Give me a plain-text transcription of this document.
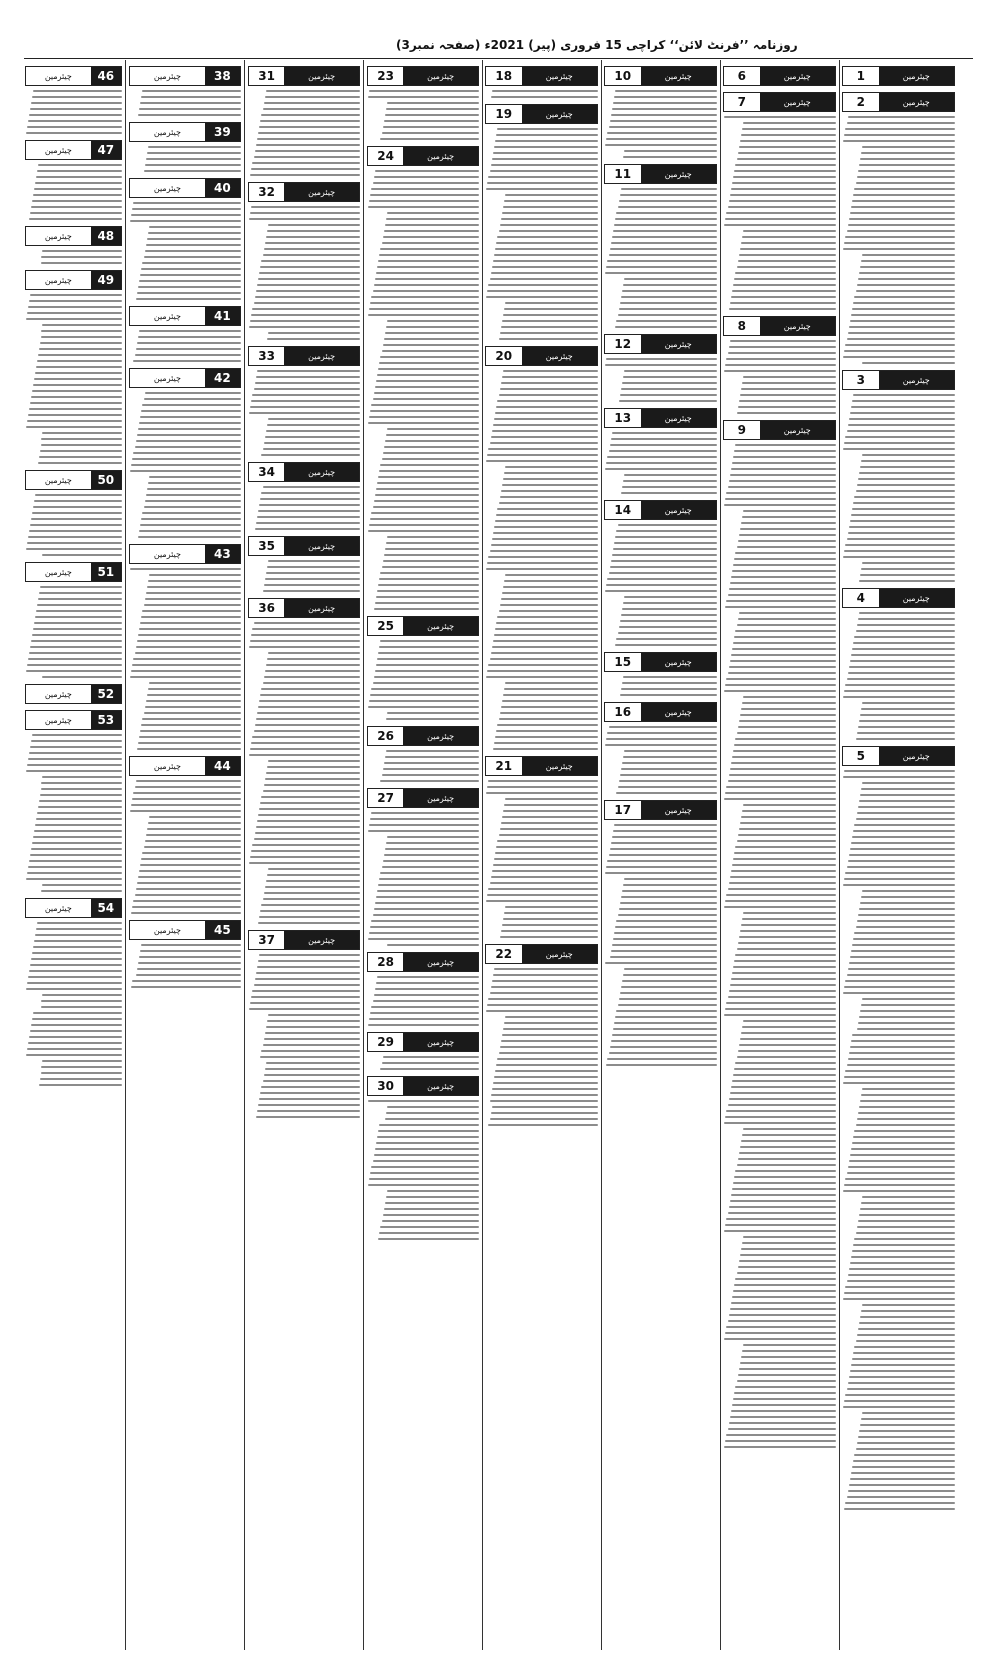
روزنامہ ’’فرنٹ لائن‘‘ کراچی 15 فروری (پیر) 2021ء (صفحہ نمبر3)
1	چیئرمین
2	چیئرمین
3	چیئرمین
4	چیئرمین
5	چیئرمین
6	چیئرمین
7	چیئرمین
8	چیئرمین
9	چیئرمین
10	چیئرمین
11	چیئرمین
12	چیئرمین
13	چیئرمین
14	چیئرمین
15	چیئرمین
16	چیئرمین
17	چیئرمین
18	چیئرمین
19	چیئرمین
20	چیئرمین
21	چیئرمین
22	چیئرمین
23	چیئرمین
24	چیئرمین
25	چیئرمین
26	چیئرمین
27	چیئرمین
28	چیئرمین
29	چیئرمین
30	چیئرمین
31	چیئرمین
32	چیئرمین
33	چیئرمین
34	چیئرمین
35	چیئرمین
36	چیئرمین
37	چیئرمین
چیئرمین	38
چیئرمین	39
چیئرمین	40
چیئرمین	41
چیئرمین	42
چیئرمین	43
چیئرمین	44
چیئرمین	45
چیئرمین	46
چیئرمین	47
چیئرمین	48
چیئرمین	49
چیئرمین	50
چیئرمین	51
چیئرمین	52
چیئرمین	53
چیئرمین	54
